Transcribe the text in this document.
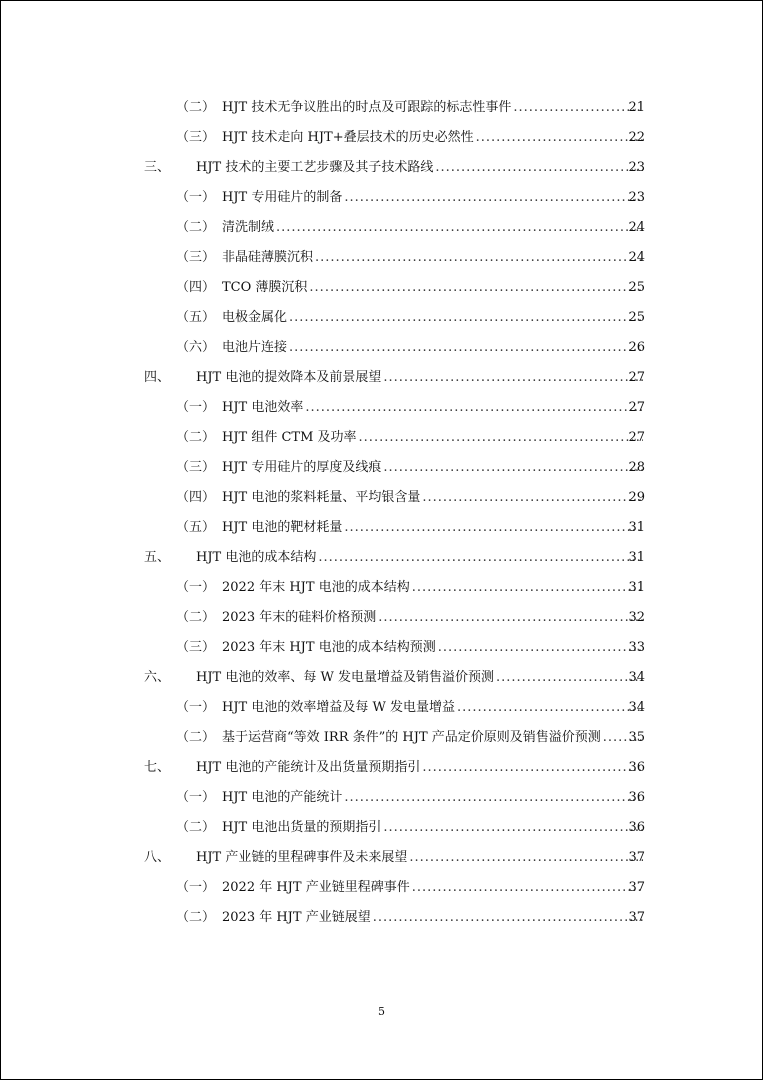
（二） HJT 技术无争议胜出的时点及可跟踪的标志性事件 .....	21
（三） HJT 技术走向 HJT+叠层技术的历史必然性 .....	22
三、 HJT 技术的主要工艺步骤及其子技术路线 .....	23
（一） HJT 专用硅片的制备 .....	23
（二） 清洗制绒 .....	24
（三） 非晶硅薄膜沉积 .....	24
（四） TCO 薄膜沉积 .....	25
（五） 电极金属化 .....	25
（六） 电池片连接 .....	26
四、 HJT 电池的提效降本及前景展望 .....	27
（一） HJT 电池效率 .....	27
（二） HJT 组件 CTM 及功率 .....	27
（三） HJT 专用硅片的厚度及线痕 .....	28
（四） HJT 电池的浆料耗量、平均银含量 .....	29
（五） HJT 电池的靶材耗量 .....	31
五、 HJT 电池的成本结构 .....	31
（一） 2022 年末 HJT 电池的成本结构 .....	31
（二） 2023 年末的硅料价格预测 .....	32
（三） 2023 年末 HJT 电池的成本结构预测 .....	33
六、 HJT 电池的效率、每 W 发电量增益及销售溢价预测 .....	34
（一） HJT 电池的效率增益及每 W 发电量增益 .....	34
（二） 基于运营商“等效 IRR 条件”的 HJT 产品定价原则及销售溢价预测 .....	35
七、 HJT 电池的产能统计及出货量预期指引 .....	36
（一） HJT 电池的产能统计 .....	36
（二） HJT 电池出货量的预期指引 .....	36
八、 HJT 产业链的里程碑事件及未来展望 .....	37
（一） 2022 年 HJT 产业链里程碑事件 .....	37
（二） 2023 年 HJT 产业链展望 .....	37
5
